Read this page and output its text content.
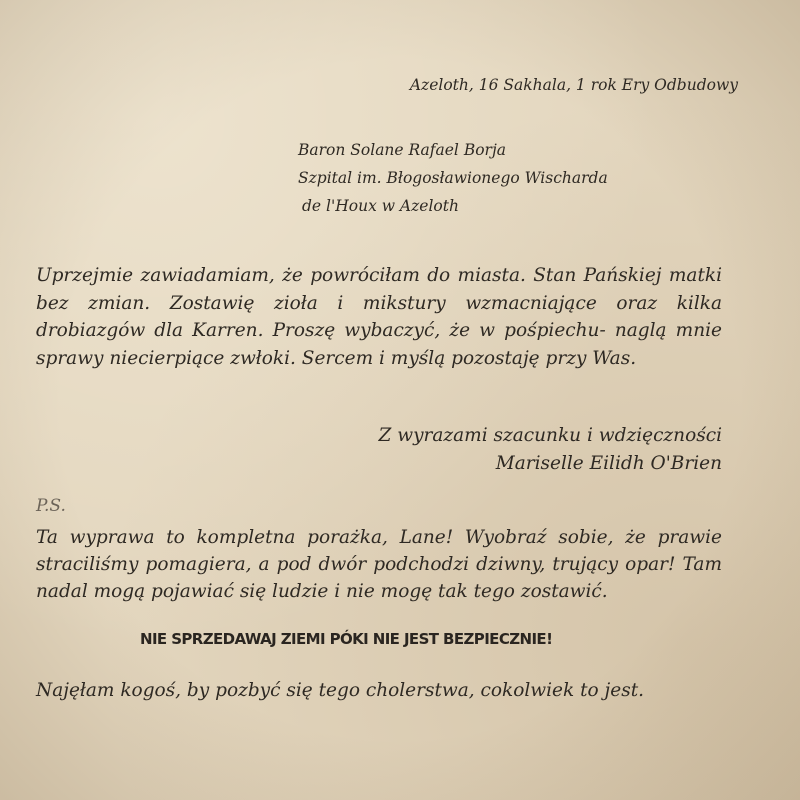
Azeloth, 16 Sakhala, 1 rok Ery Odbudowy
Baron Solane Rafael Borja
Szpital im. Błogosławionego Wischarda
de l'Houx w Azeloth

Uprzejmie zawiadamiam, że powróciłam do miasta. Stan Pańskiej matki bez zmian. Zostawię zioła i mikstury wzmacniające oraz kilka drobiazgów dla Karren. Proszę wybaczyć, że w pośpiechu- naglą mnie sprawy niecierpiące zwłoki. Sercem i myślą pozostaję przy Was.

Z wyrazami szacunku i wdzięczności
Mariselle Eilidh O'Brien
P.S.

Ta wyprawa to kompletna porażka, Lane! Wyobraź sobie, że prawie straciliśmy pomagiera, a pod dwór podchodzi dziwny, trujący opar! Tam nadal mogą pojawiać się ludzie i nie mogę tak tego zostawić.

NIE SPRZEDAWAJ ZIEMI PÓKI NIE JEST BEZPIECZNIE!
Najęłam kogoś, by pozbyć się tego cholerstwa, cokolwiek to jest.
